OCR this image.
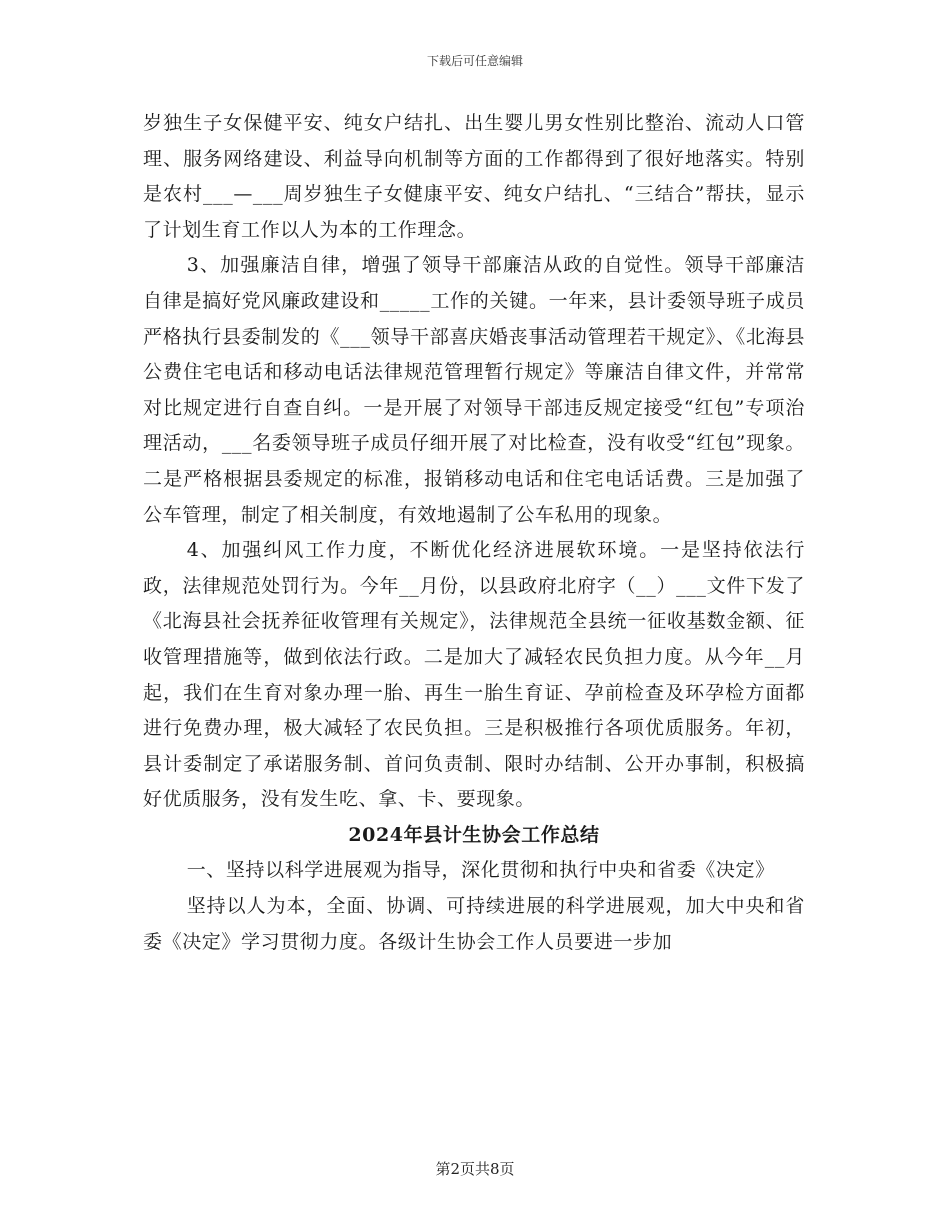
下载后可任意编辑

岁独生子女保健平安、纯女户结扎、出生婴儿男女性别比整治、流动人口管理、服务网络建设、利益导向机制等方面的工作都得到了很好地落实。特别是农村___—___周岁独生子女健康平安、纯女户结扎、“三结合”帮扶，显示了计划生育工作以人为本的工作理念。

3、加强廉洁自律，增强了领导干部廉洁从政的自觉性。领导干部廉洁自律是搞好党风廉政建设和_____工作的关键。一年来，县计委领导班子成员严格执行县委制发的《___领导干部喜庆婚丧事活动管理若干规定》、《北海县公费住宅电话和移动电话法律规范管理暂行规定》等廉洁自律文件，并常常对比规定进行自查自纠。一是开展了对领导干部违反规定接受“红包”专项治理活动，___名委领导班子成员仔细开展了对比检查，没有收受“红包”现象。二是严格根据县委规定的标准，报销移动电话和住宅电话话费。三是加强了公车管理，制定了相关制度，有效地遏制了公车私用的现象。

4、加强纠风工作力度，不断优化经济进展软环境。一是坚持依法行政，法律规范处罚行为。今年__月份，以县政府北府字（__）___文件下发了《北海县社会抚养征收管理有关规定》，法律规范全县统一征收基数金额、征收管理措施等，做到依法行政。二是加大了减轻农民负担力度。从今年__月起，我们在生育对象办理一胎、再生一胎生育证、孕前检查及环孕检方面都进行免费办理，极大减轻了农民负担。三是积极推行各项优质服务。年初，县计委制定了承诺服务制、首问负责制、限时办结制、公开办事制，积极搞好优质服务，没有发生吃、拿、卡、要现象。

2024年县计生协会工作总结

一、坚持以科学进展观为指导，深化贯彻和执行中央和省委《决定》

坚持以人为本，全面、协调、可持续进展的科学进展观，加大中央和省委《决定》学习贯彻力度。各级计生协会工作人员要进一步加

第2页共8页
